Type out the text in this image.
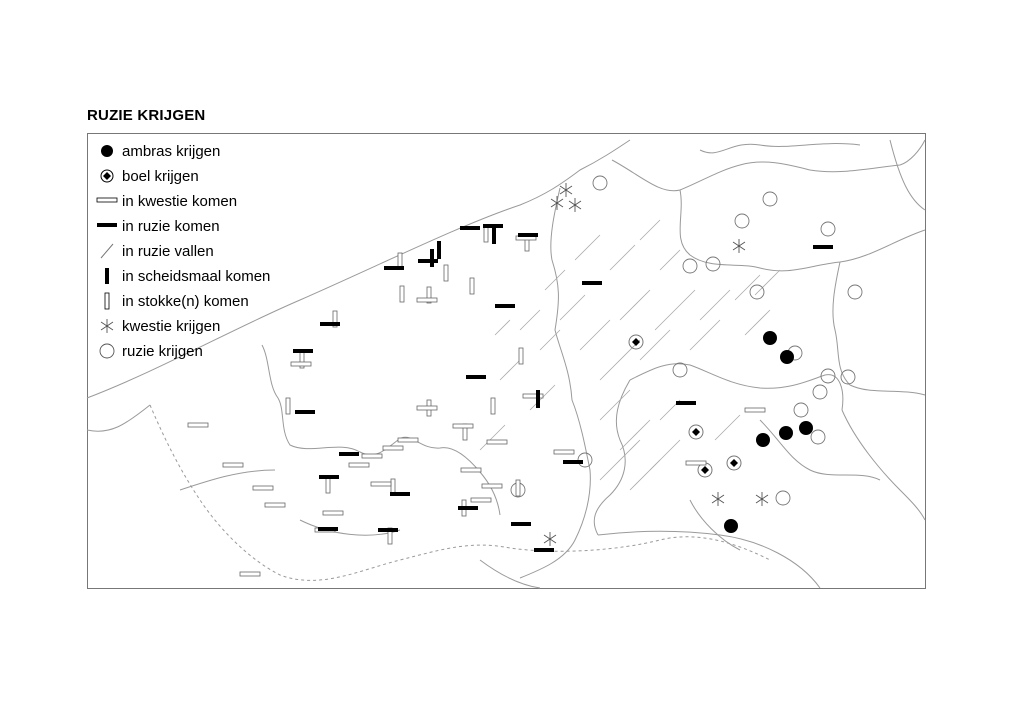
RUZIE KRIJGEN
ambras krijgen
boel krijgen
in kwestie komen
in ruzie komen
in ruzie vallen
in scheidsmaal komen
in stokke(n) komen
kwestie krijgen
ruzie krijgen
